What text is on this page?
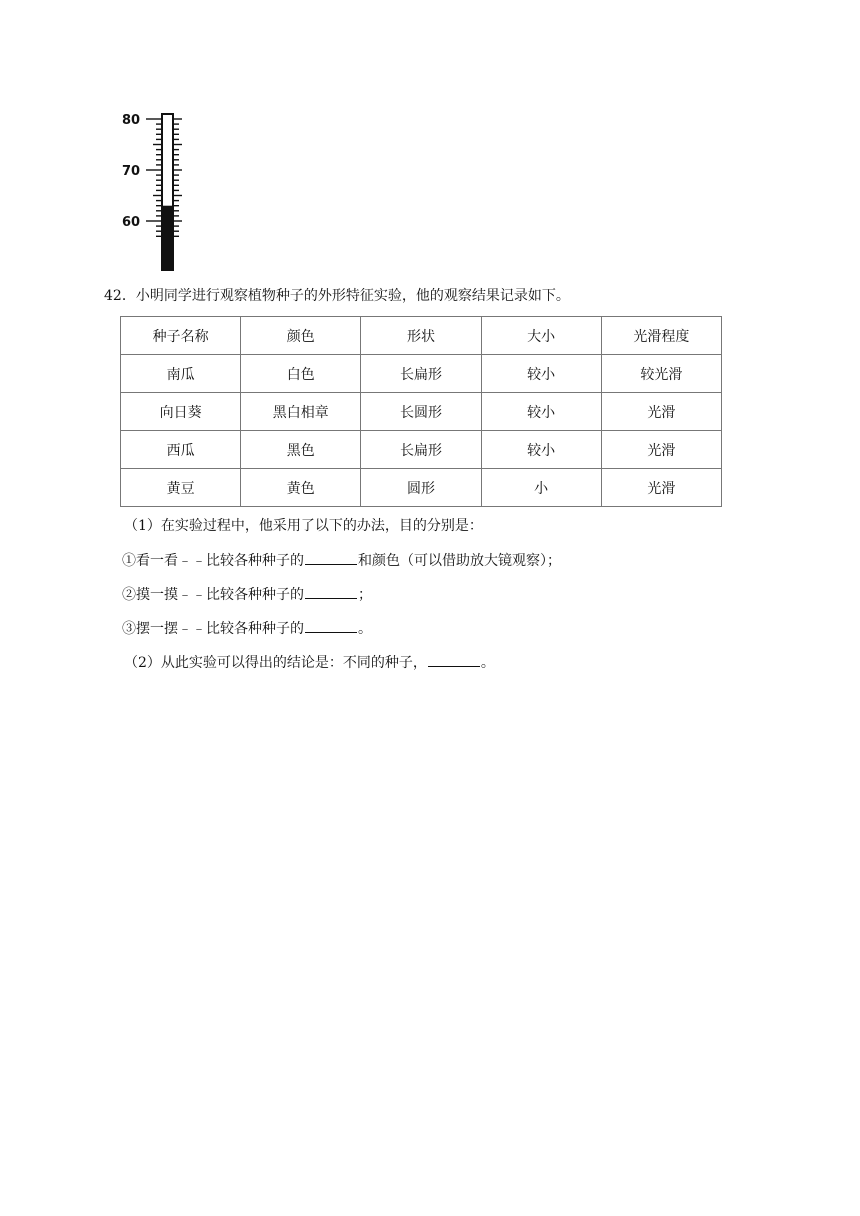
80
70
60
42．小明同学进行观察植物种子的外形特征实验，他的观察结果记录如下。
种子名称	颜色	形状	大小	光滑程度
南瓜	白色	长扁形	较小	较光滑
向日葵	黑白相章	长圆形	较小	光滑
西瓜	黑色	长扁形	较小	光滑
黄豆	黄色	圆形	小	光滑
（1）在实验过程中，他采用了以下的办法，目的分别是：
①看一看﹣﹣比较各种种子的	和颜色（可以借助放大镜观察）；
②摸一摸﹣﹣比较各种种子的	；
③摆一摆﹣﹣比较各种种子的	。
（2）从此实验可以得出的结论是：不同的种子，	。
